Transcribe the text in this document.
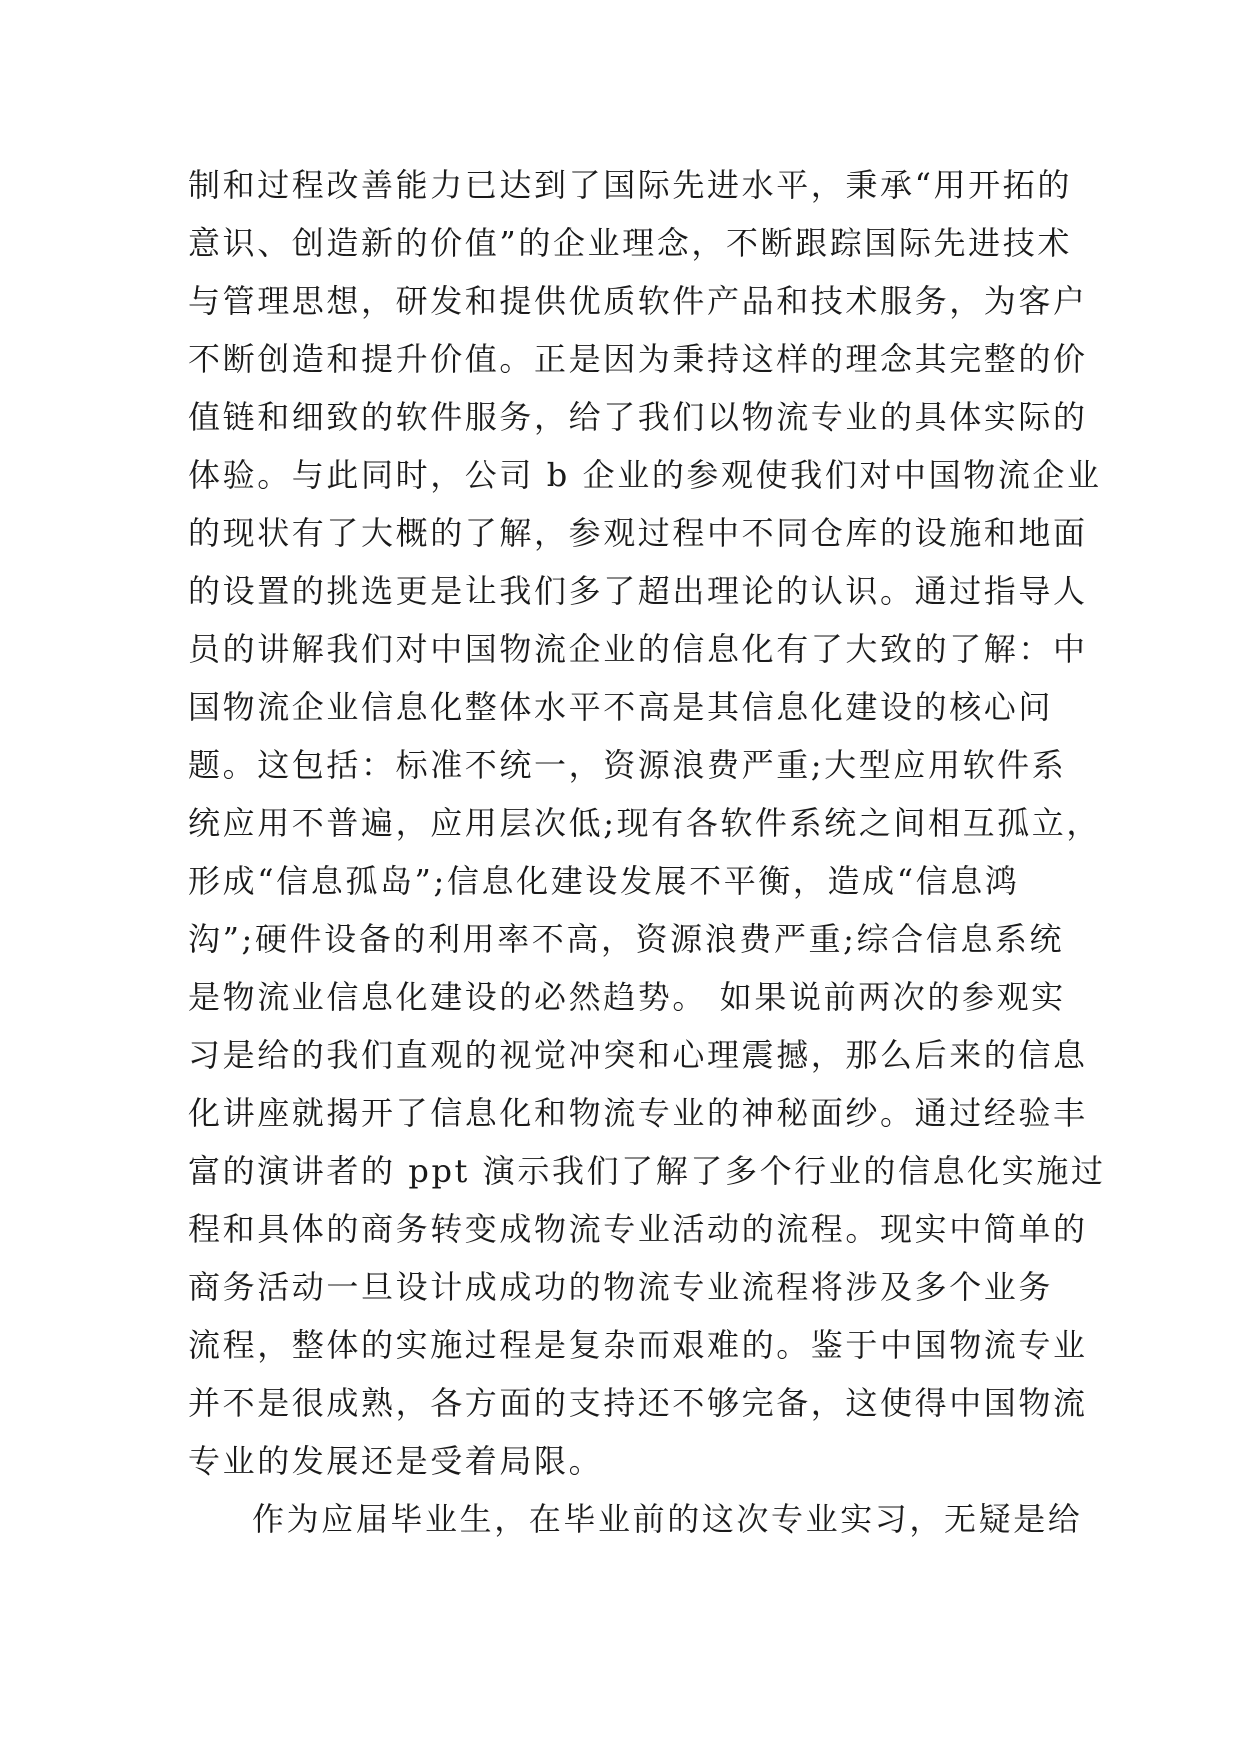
制和过程改善能力已达到了国际先进水平，秉承“用开拓的
意识、创造新的价值”的企业理念，不断跟踪国际先进技术
与管理思想，研发和提供优质软件产品和技术服务，为客户
不断创造和提升价值。正是因为秉持这样的理念其完整的价
值链和细致的软件服务，给了我们以物流专业的具体实际的
体验。与此同时，公司 b 企业的参观使我们对中国物流企业
的现状有了大概的了解，参观过程中不同仓库的设施和地面
的设置的挑选更是让我们多了超出理论的认识。通过指导人
员的讲解我们对中国物流企业的信息化有了大致的了解：中
国物流企业信息化整体水平不高是其信息化建设的核心问
题。这包括：标准不统一，资源浪费严重;大型应用软件系
统应用不普遍，应用层次低;现有各软件系统之间相互孤立，
形成“信息孤岛”;信息化建设发展不平衡，造成“信息鸿
沟”;硬件设备的利用率不高，资源浪费严重;综合信息系统
是物流业信息化建设的必然趋势。 如果说前两次的参观实
习是给的我们直观的视觉冲突和心理震撼，那么后来的信息
化讲座就揭开了信息化和物流专业的神秘面纱。通过经验丰
富的演讲者的 ppt 演示我们了解了多个行业的信息化实施过
程和具体的商务转变成物流专业活动的流程。现实中简单的
商务活动一旦设计成成功的物流专业流程将涉及多个业务
流程，整体的实施过程是复杂而艰难的。鉴于中国物流专业
并不是很成熟，各方面的支持还不够完备，这使得中国物流
专业的发展还是受着局限。
作为应届毕业生，在毕业前的这次专业实习，无疑是给
